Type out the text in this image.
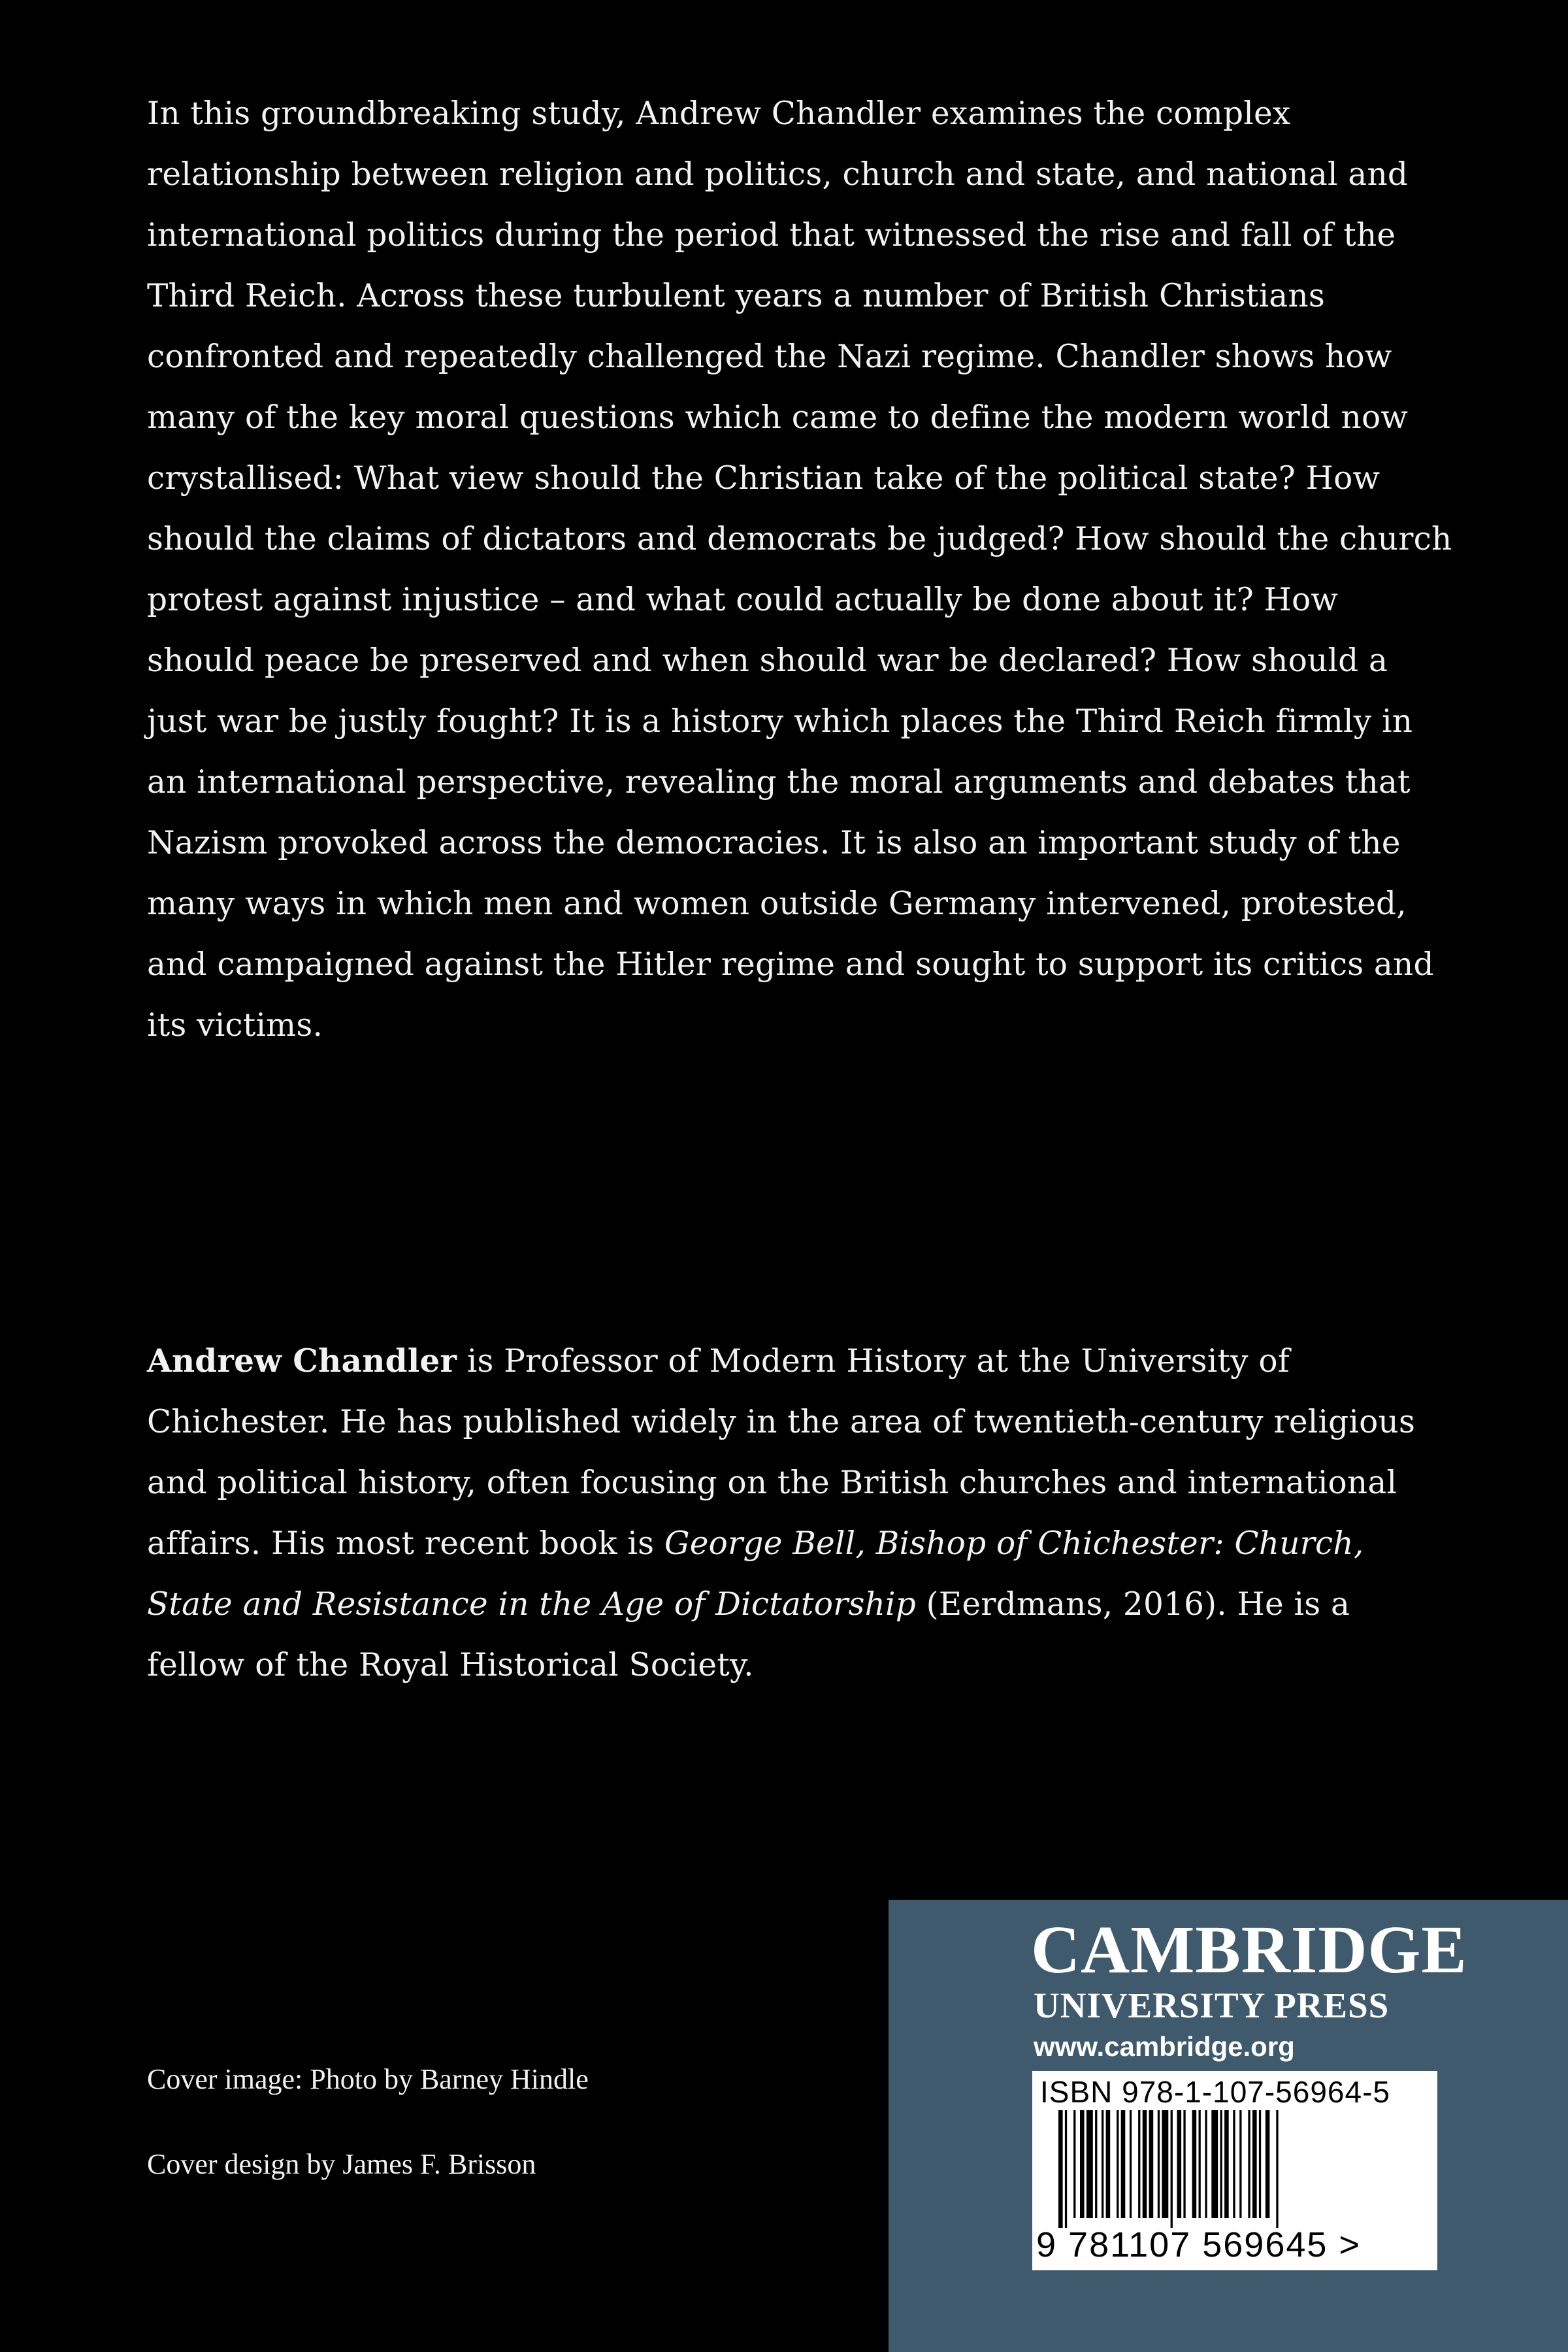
In this groundbreaking study, Andrew Chandler examines the complex relationship between religion and politics, church and state, and national and international politics during the period that witnessed the rise and fall of the Third Reich. Across these turbulent years a number of British Christians confronted and repeatedly challenged the Nazi regime. Chandler shows how many of the key moral questions which came to define the modern world now crystallised: What view should the Christian take of the political state? How should the claims of dictators and democrats be judged? How should the church protest against injustice – and what could actually be done about it? How should peace be preserved and when should war be declared? How should a just war be justly fought? It is a history which places the Third Reich firmly in an international perspective, revealing the moral arguments and debates that Nazism provoked across the democracies. It is also an important study of the many ways in which men and women outside Germany intervened, protested, and campaigned against the Hitler regime and sought to support its critics and its victims.

Andrew Chandler is Professor of Modern History at the University of Chichester. He has published widely in the area of twentieth-century religious and political history, often focusing on the British churches and international affairs. His most recent book is George Bell, Bishop of Chichester: Church, State and Resistance in the Age of Dictatorship (Eerdmans, 2016). He is a fellow of the Royal Historical Society.

Cover image: Photo by Barney Hindle

Cover design by James F. Brisson

CAMBRIDGE
UNIVERSITY PRESS
www.cambridge.org
ISBN 978-1-107-56964-5
9 781107 569645 >
